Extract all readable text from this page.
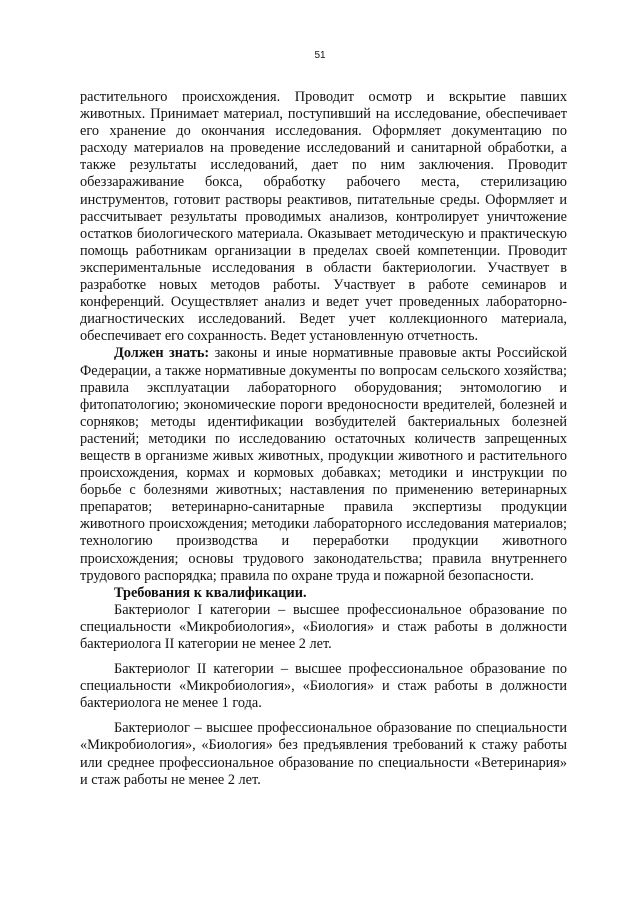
51

растительного происхождения. Проводит осмотр и вскрытие павших животных. Принимает материал, поступивший на исследование, обеспечивает его хранение до окончания исследования. Оформляет документацию по расходу материалов на проведение исследований и санитарной обработки, а также результаты исследований, дает по ним заключения. Проводит обеззараживание бокса, обработку рабочего места, стерилизацию инструментов, готовит растворы реактивов, питательные среды. Оформляет и рассчитывает результаты проводимых анализов, контролирует уничтожение остатков биологического материала. Оказывает методическую и практическую помощь работникам организации в пределах своей компетенции. Проводит экспериментальные исследования в области бактериологии. Участвует в разработке новых методов работы. Участвует в работе семинаров и конференций. Осуществляет анализ и ведет учет проведенных лабораторно-диагностических исследований. Ведет учет коллекционного материала, обеспечивает его сохранность. Ведет установленную отчетность.

Должен знать: законы и иные нормативные правовые акты Российской Федерации, а также нормативные документы по вопросам сельского хозяйства; правила эксплуатации лабораторного оборудования; энтомологию и фитопатологию; экономические пороги вредоносности вредителей, болезней и сорняков; методы идентификации возбудителей бактериальных болезней растений; методики по исследованию остаточных количеств запрещенных веществ в организме живых животных, продукции животного и растительного происхождения, кормах и кормовых добавках; методики и инструкции по борьбе с болезнями животных; наставления по применению ветеринарных препаратов; ветеринарно-санитарные правила экспертизы продукции животного происхождения; методики лабораторного исследования материалов; технологию производства и переработки продукции животного происхождения; основы трудового законодательства; правила внутреннего трудового распорядка; правила по охране труда и пожарной безопасности.

Требования к квалификации.

Бактериолог I категории – высшее профессиональное образование по специальности «Микробиология», «Биология» и стаж работы в должности бактериолога II категории не менее 2 лет.

Бактериолог II категории – высшее профессиональное образование по специальности «Микробиология», «Биология» и стаж работы в должности бактериолога не менее 1 года.

Бактериолог – высшее профессиональное образование по специальности «Микробиология», «Биология» без предъявления требований к стажу работы или среднее профессиональное образование по специальности «Ветеринария» и стаж работы не менее 2 лет.
